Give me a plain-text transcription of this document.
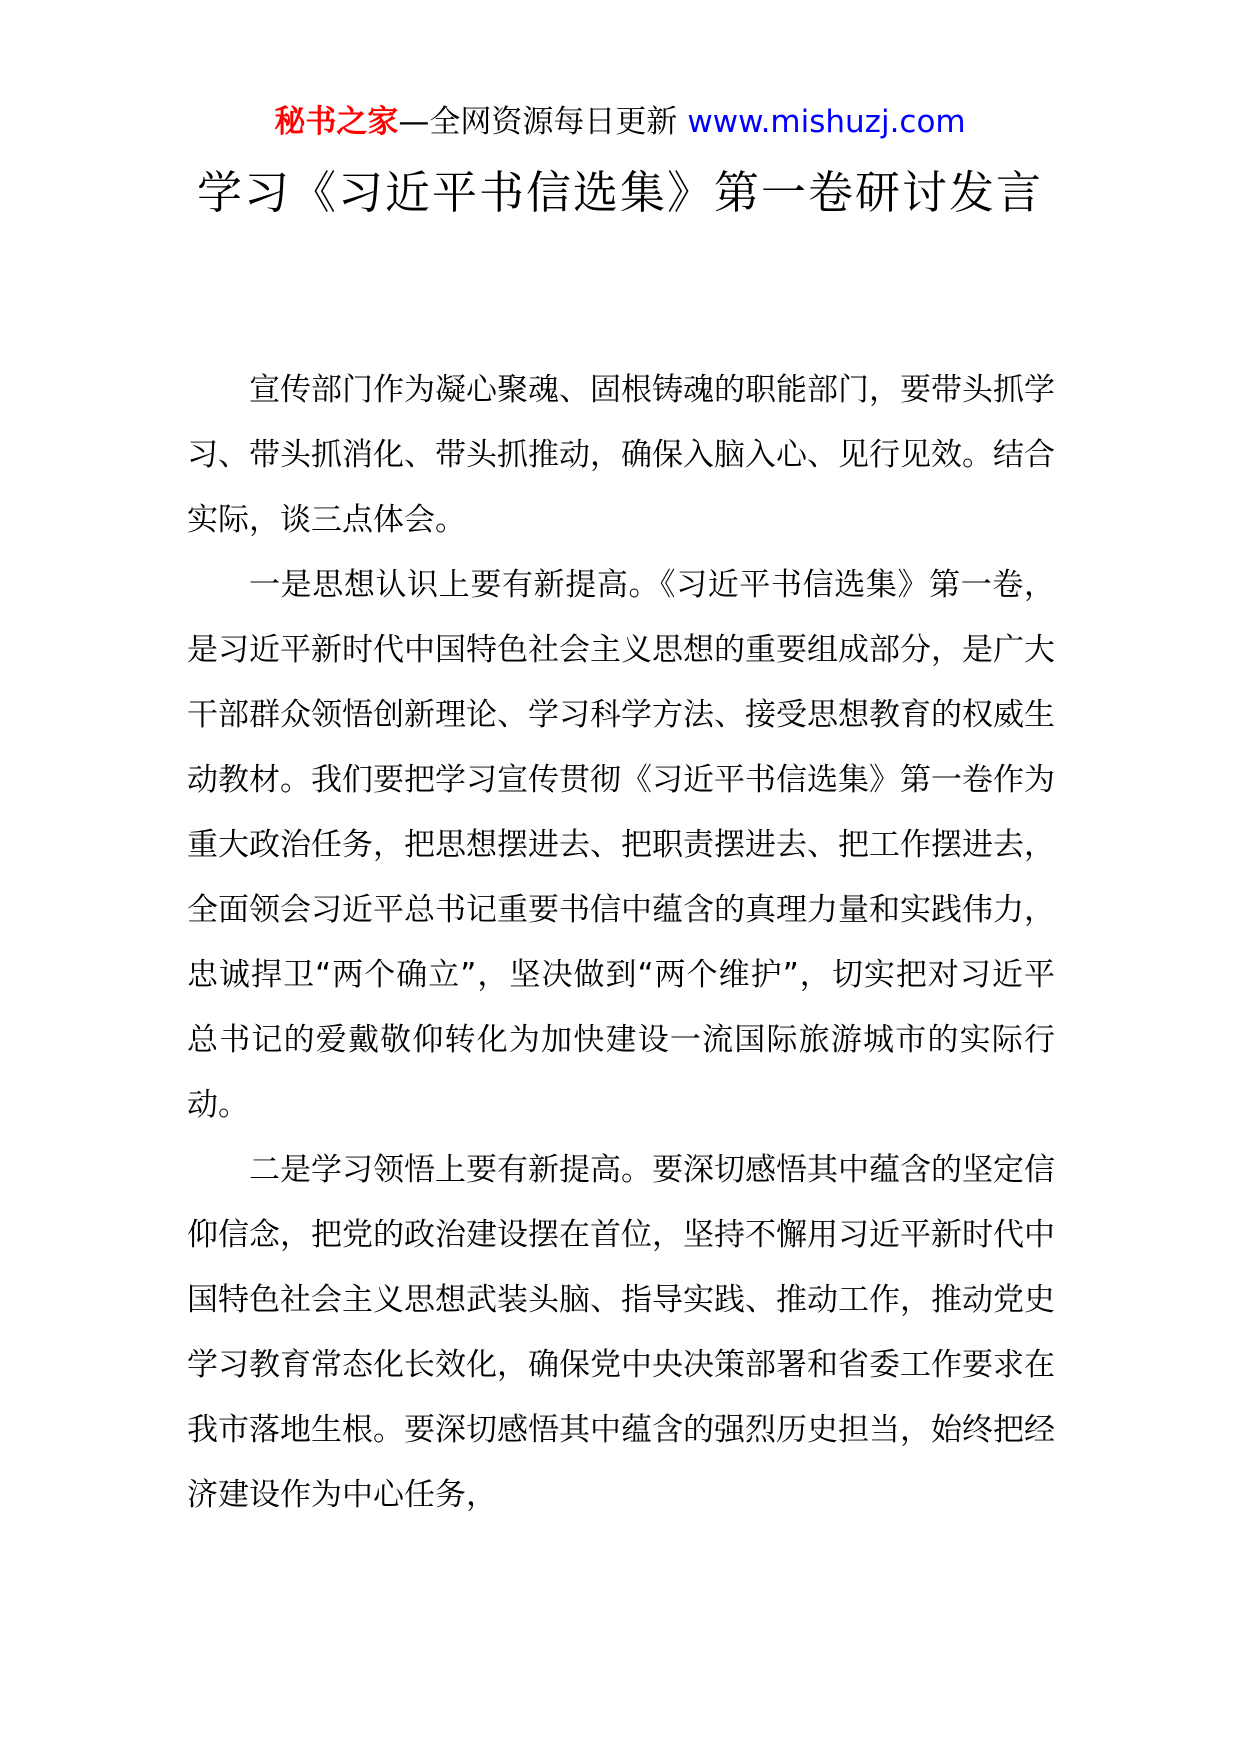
秘书之家—全网资源每日更新 www.mishuzj.com
学习《习近平书信选集》第一卷研讨发言

宣传部门作为凝心聚魂、固根铸魂的职能部门，要带头抓学习、带头抓消化、带头抓推动，确保入脑入心、见行见效。结合实际，谈三点体会。

一是思想认识上要有新提高。《习近平书信选集》第一卷，是习近平新时代中国特色社会主义思想的重要组成部分，是广大干部群众领悟创新理论、学习科学方法、接受思想教育的权威生动教材。我们要把学习宣传贯彻《习近平书信选集》第一卷作为重大政治任务，把思想摆进去、把职责摆进去、把工作摆进去，全面领会习近平总书记重要书信中蕴含的真理力量和实践伟力，忠诚捍卫“两个确立”，坚决做到“两个维护”，切实把对习近平总书记的爱戴敬仰转化为加快建设一流国际旅游城市的实际行动。

二是学习领悟上要有新提高。要深切感悟其中蕴含的坚定信仰信念，把党的政治建设摆在首位，坚持不懈用习近平新时代中国特色社会主义思想武装头脑、指导实践、推动工作，推动党史学习教育常态化长效化，确保党中央决策部署和省委工作要求在我市落地生根。要深切感悟其中蕴含的强烈历史担当，始终把经济建设作为中心任务，
